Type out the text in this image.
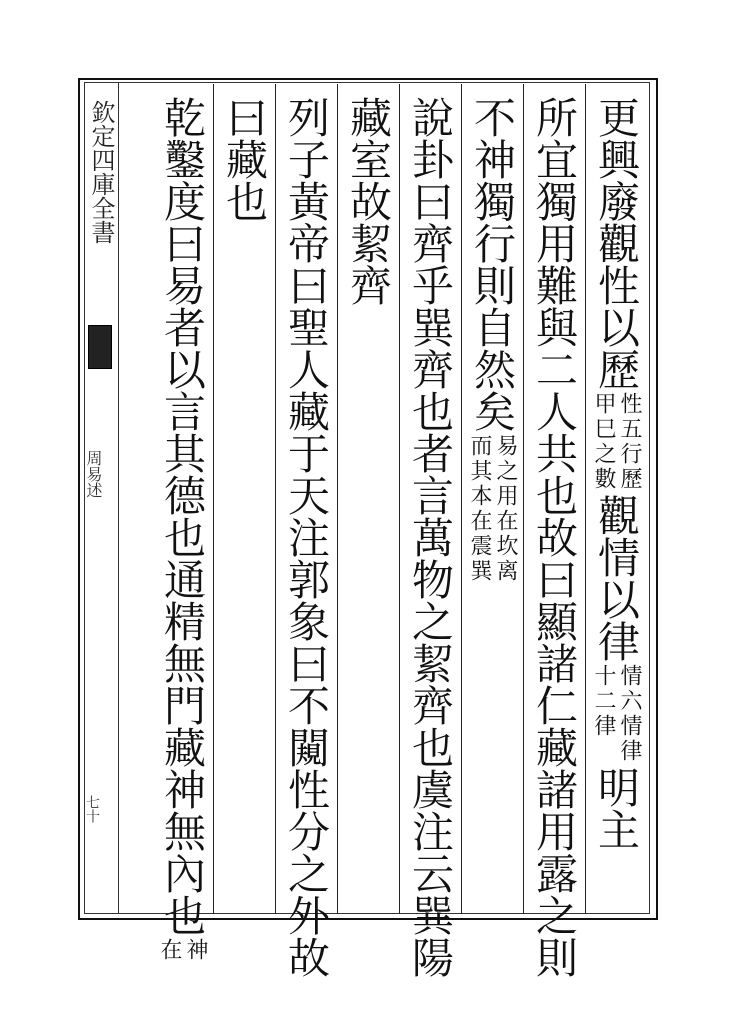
欽定四庫全書
周易述
七十
更興廢觀性以歷
性五行歷
甲巳之數
觀情以律
情六情律
十二律
明主
所宜獨用難與二人共也故曰顯諸仁藏諸用露之則
不神獨行則自然矣
易之用在坎离
而其本在震巽
說卦曰齊乎巽齊也者言萬物之絜齊也虞注云巽陽
藏室故絜齊
列子黃帝曰聖人藏于天注郭象曰不闚性分之外故
曰藏也
乾鑿度曰易者以言其德也通精無門藏神無內也
神
在
